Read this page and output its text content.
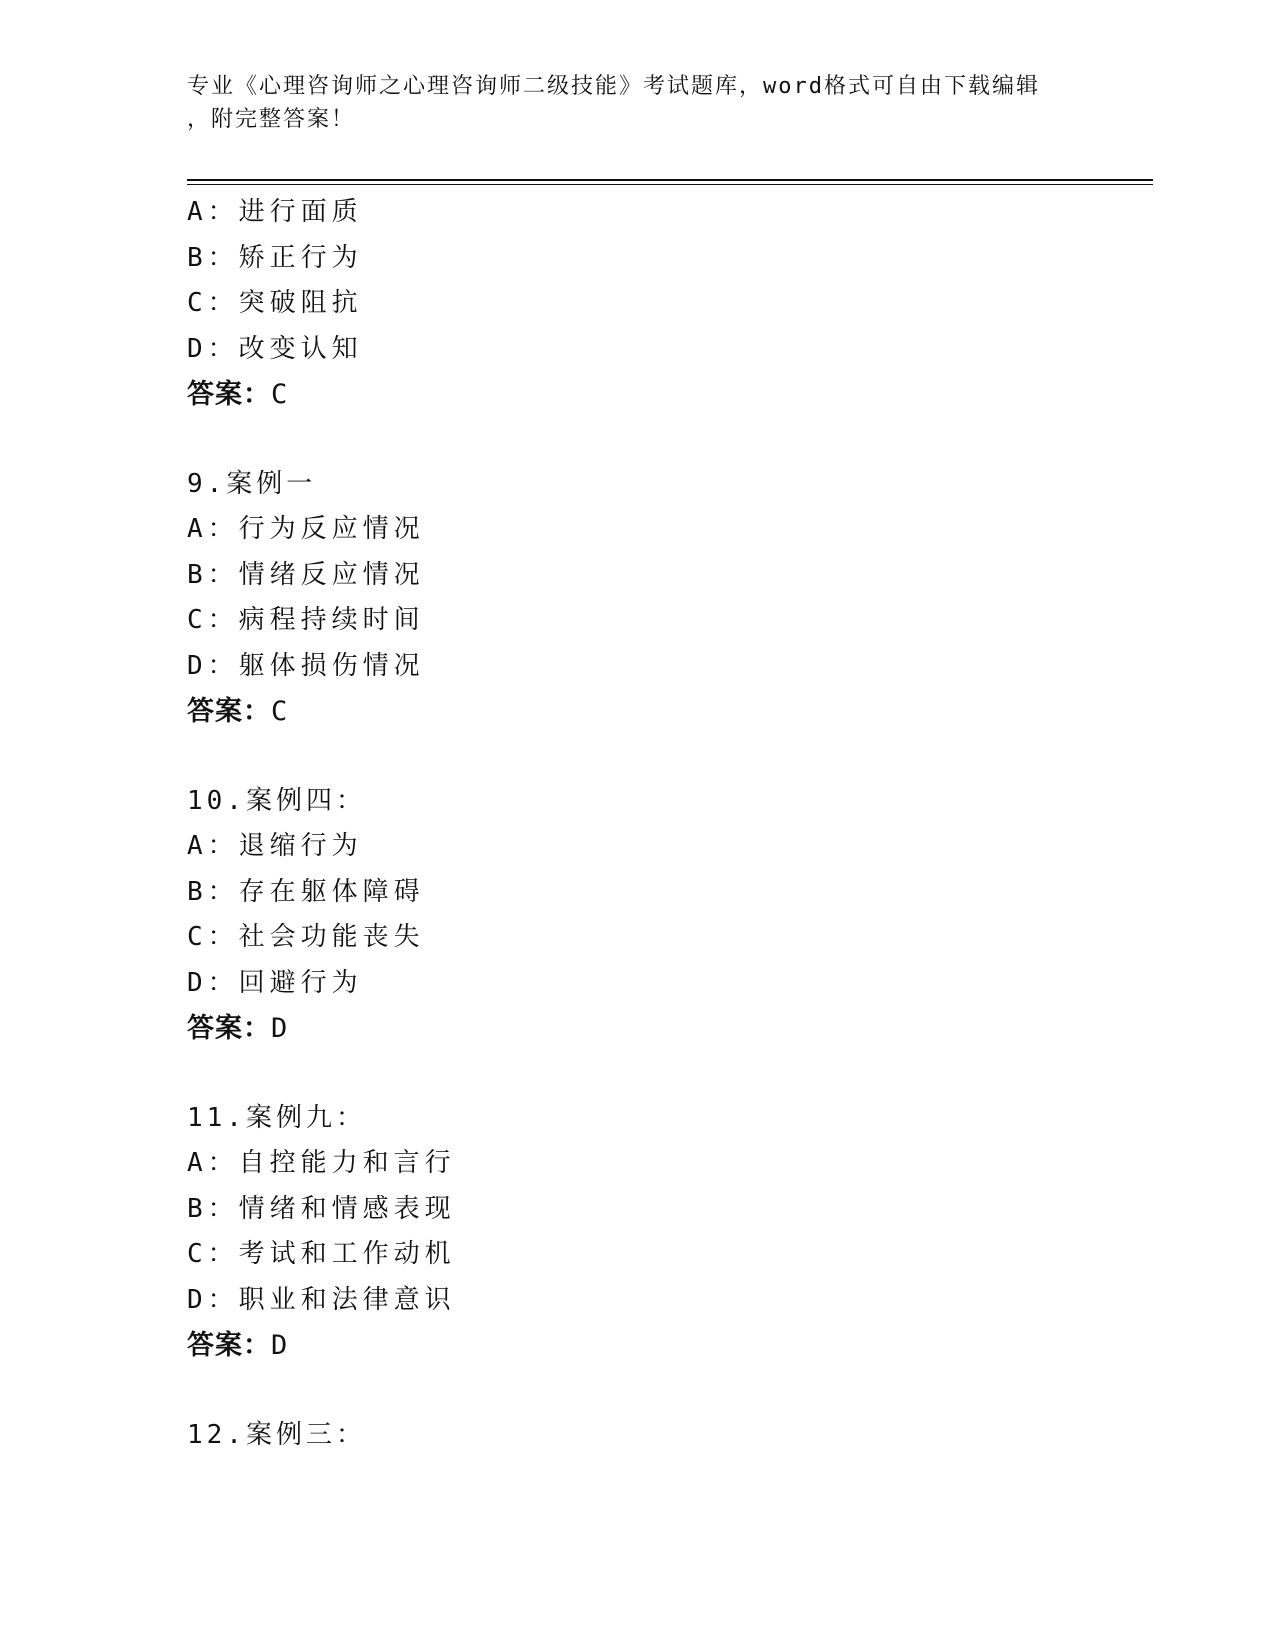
专业《心理咨询师之心理咨询师二级技能》考试题库，word格式可自由下载编辑
，附完整答案！
A：进行面质
B：矫正行为
C：突破阻抗
D：改变认知
答案：C
9.案例一
A：行为反应情况
B：情绪反应情况
C：病程持续时间
D：躯体损伤情况
答案：C
10.案例四：
A：退缩行为
B：存在躯体障碍
C：社会功能丧失
D：回避行为
答案：D
11.案例九：
A：自控能力和言行
B：情绪和情感表现
C：考试和工作动机
D：职业和法律意识
答案：D
12.案例三：
